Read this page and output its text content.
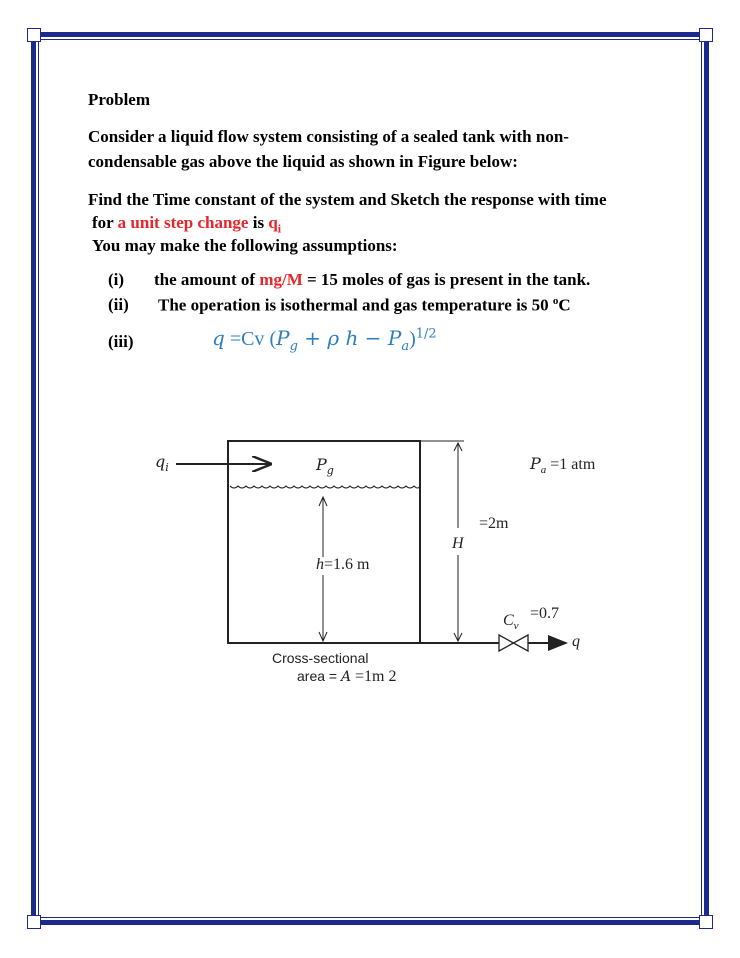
Problem
Consider a liquid flow system consisting of a sealed tank with non-
condensable gas above the liquid as shown in Figure below:
Find the Time constant of the system and Sketch the response with time
for a unit step change is $q_i$
You may make the following assumptions:
(i) the amount of mg/M = 15 moles of gas is present in the tank.
(ii) The operation is isothermal and gas temperature is 50 $^o$C
(iii)	q =Cv ($P_g + \rho$ $h - P_a)^{1/2}$
$q_i$	$P_g$	$P_a =1$ atm
=2m
H
h=1.6 m
$C_v$
=0.7
q
Cross-sectional
area = A =1m 2
